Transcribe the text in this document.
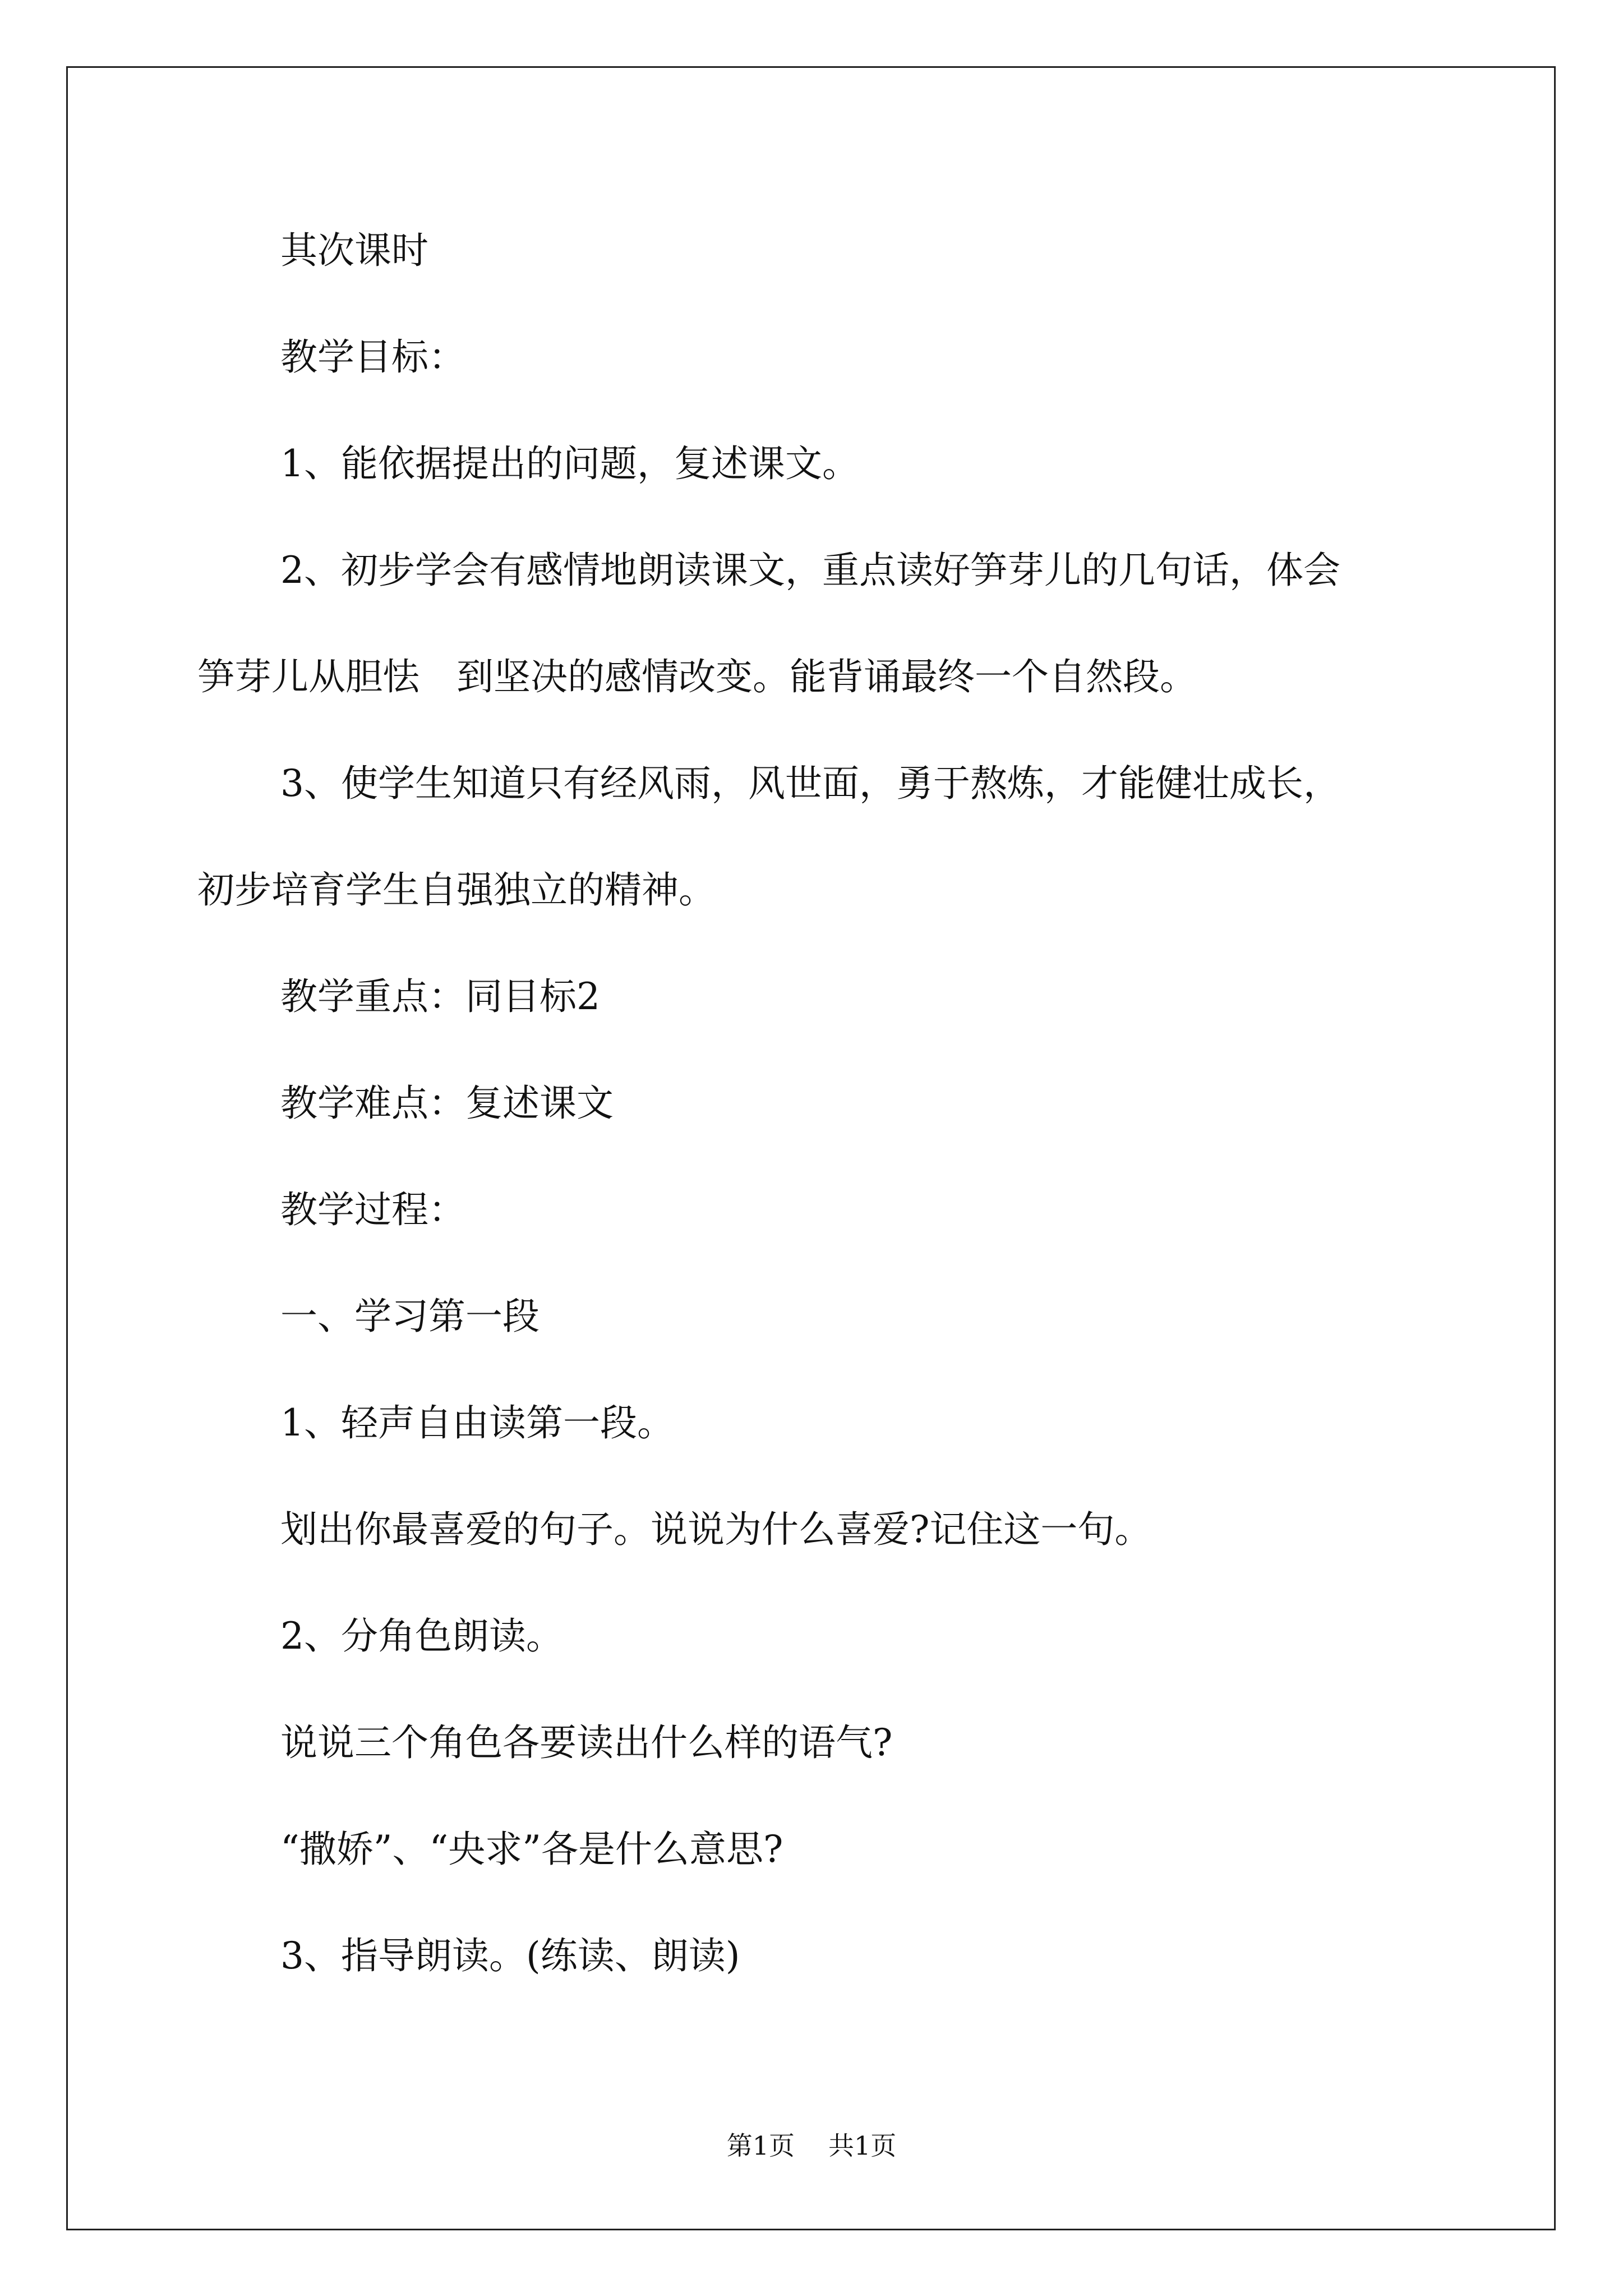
其次课时

教学目标：

1、能依据提出的问题，复述课文。

2、初步学会有感情地朗读课文，重点读好笋芽儿的几句话，体会

笋芽儿从胆怯　到坚决的感情改变。能背诵最终一个自然段。

3、使学生知道只有经风雨，风世面，勇于熬炼，才能健壮成长，

初步培育学生自强独立的精神。

教学重点：同目标2

教学难点：复述课文

教学过程：

一、学习第一段

1、轻声自由读第一段。

划出你最喜爱的句子。说说为什么喜爱?记住这一句。

2、分角色朗读。

说说三个角色各要读出什么样的语气?

“撒娇”、“央求”各是什么意思?

3、指导朗读。(练读、朗读)

第1页 共1页
